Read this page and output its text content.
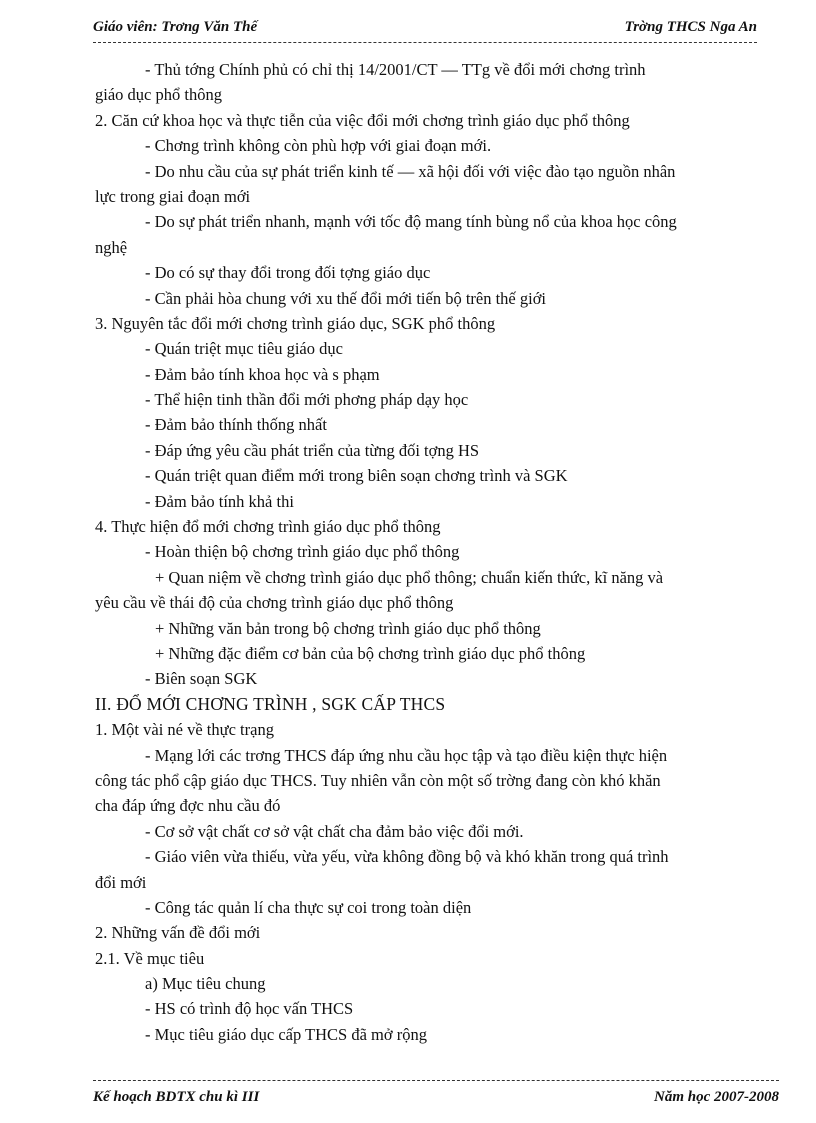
Giáo viên: Trơng Văn Thế	Trờng THCS Nga An
- Thủ tớng Chính phủ có chỉ thị 14/2001/CT — TTg về đổi mới chơng trình
giáo dục phổ thông
2. Căn cứ khoa học và thực tiễn của việc đổi mới chơng trình giáo dục phổ thông
- Chơng trình không còn phù hợp với giai đoạn mới.
- Do nhu cầu của sự phát triển kinh tế — xã hội đối với việc đào tạo nguồn nhân
lực trong giai đoạn mới
- Do sự phát triển nhanh, mạnh với tốc độ mang tính bùng nổ của khoa học công
nghệ
- Do có sự thay đổi trong đối tợng giáo dục
- Cần phải hòa chung với xu thế đổi mới tiến bộ trên thế giới
3. Nguyên tắc đổi mới chơng trình giáo dục, SGK phổ thông
- Quán triệt mục tiêu giáo dục
- Đảm bảo tính khoa học và s phạm
- Thể hiện tinh thần đổi mới phơng pháp dạy học
- Đảm bảo thính thống nhất
- Đáp ứng yêu cầu phát triển của từng đối tợng HS
- Quán triệt quan điểm mới trong biên soạn chơng trình và SGK
- Đảm bảo tính khả thi
4. Thực hiện đổ mới chơng trình giáo dục phổ thông
- Hoàn thiện bộ chơng trình giáo dục phổ thông
+ Quan niệm về chơng trình giáo dục phổ thông; chuẩn kiến thức, kĩ năng và
yêu cầu về thái độ của chơng trình giáo dục phổ thông
+ Những văn bản trong bộ chơng trình giáo dục phổ thông
+ Những đặc điểm cơ bản của bộ chơng trình giáo dục phổ thông
- Biên soạn SGK
II. ĐỔ MỚI CHƠNG TRÌNH , SGK CẤP THCS
1. Một vài né về thực trạng
- Mạng lới các trơng THCS đáp ứng nhu cầu học tập và tạo điều kiện thực hiện
công tác phổ cập giáo dục THCS. Tuy nhiên vẫn còn một số trờng đang còn khó khăn
cha đáp ứng đợc nhu cầu đó
- Cơ sở vật chất cơ sở vật chất cha đảm bảo việc đổi mới.
- Giáo viên vừa thiếu, vừa yếu, vừa không đồng bộ và khó khăn trong quá trình
đổi mới
- Công tác quản lí cha thực sự coi trong toàn diện
2. Những vấn đề đổi mới
2.1. Về mục tiêu
a) Mục tiêu chung
- HS có trình độ học vấn THCS
- Mục tiêu giáo dục cấp THCS đã mở rộng
Kế hoạch BDTX chu kì III	Năm học 2007-2008
